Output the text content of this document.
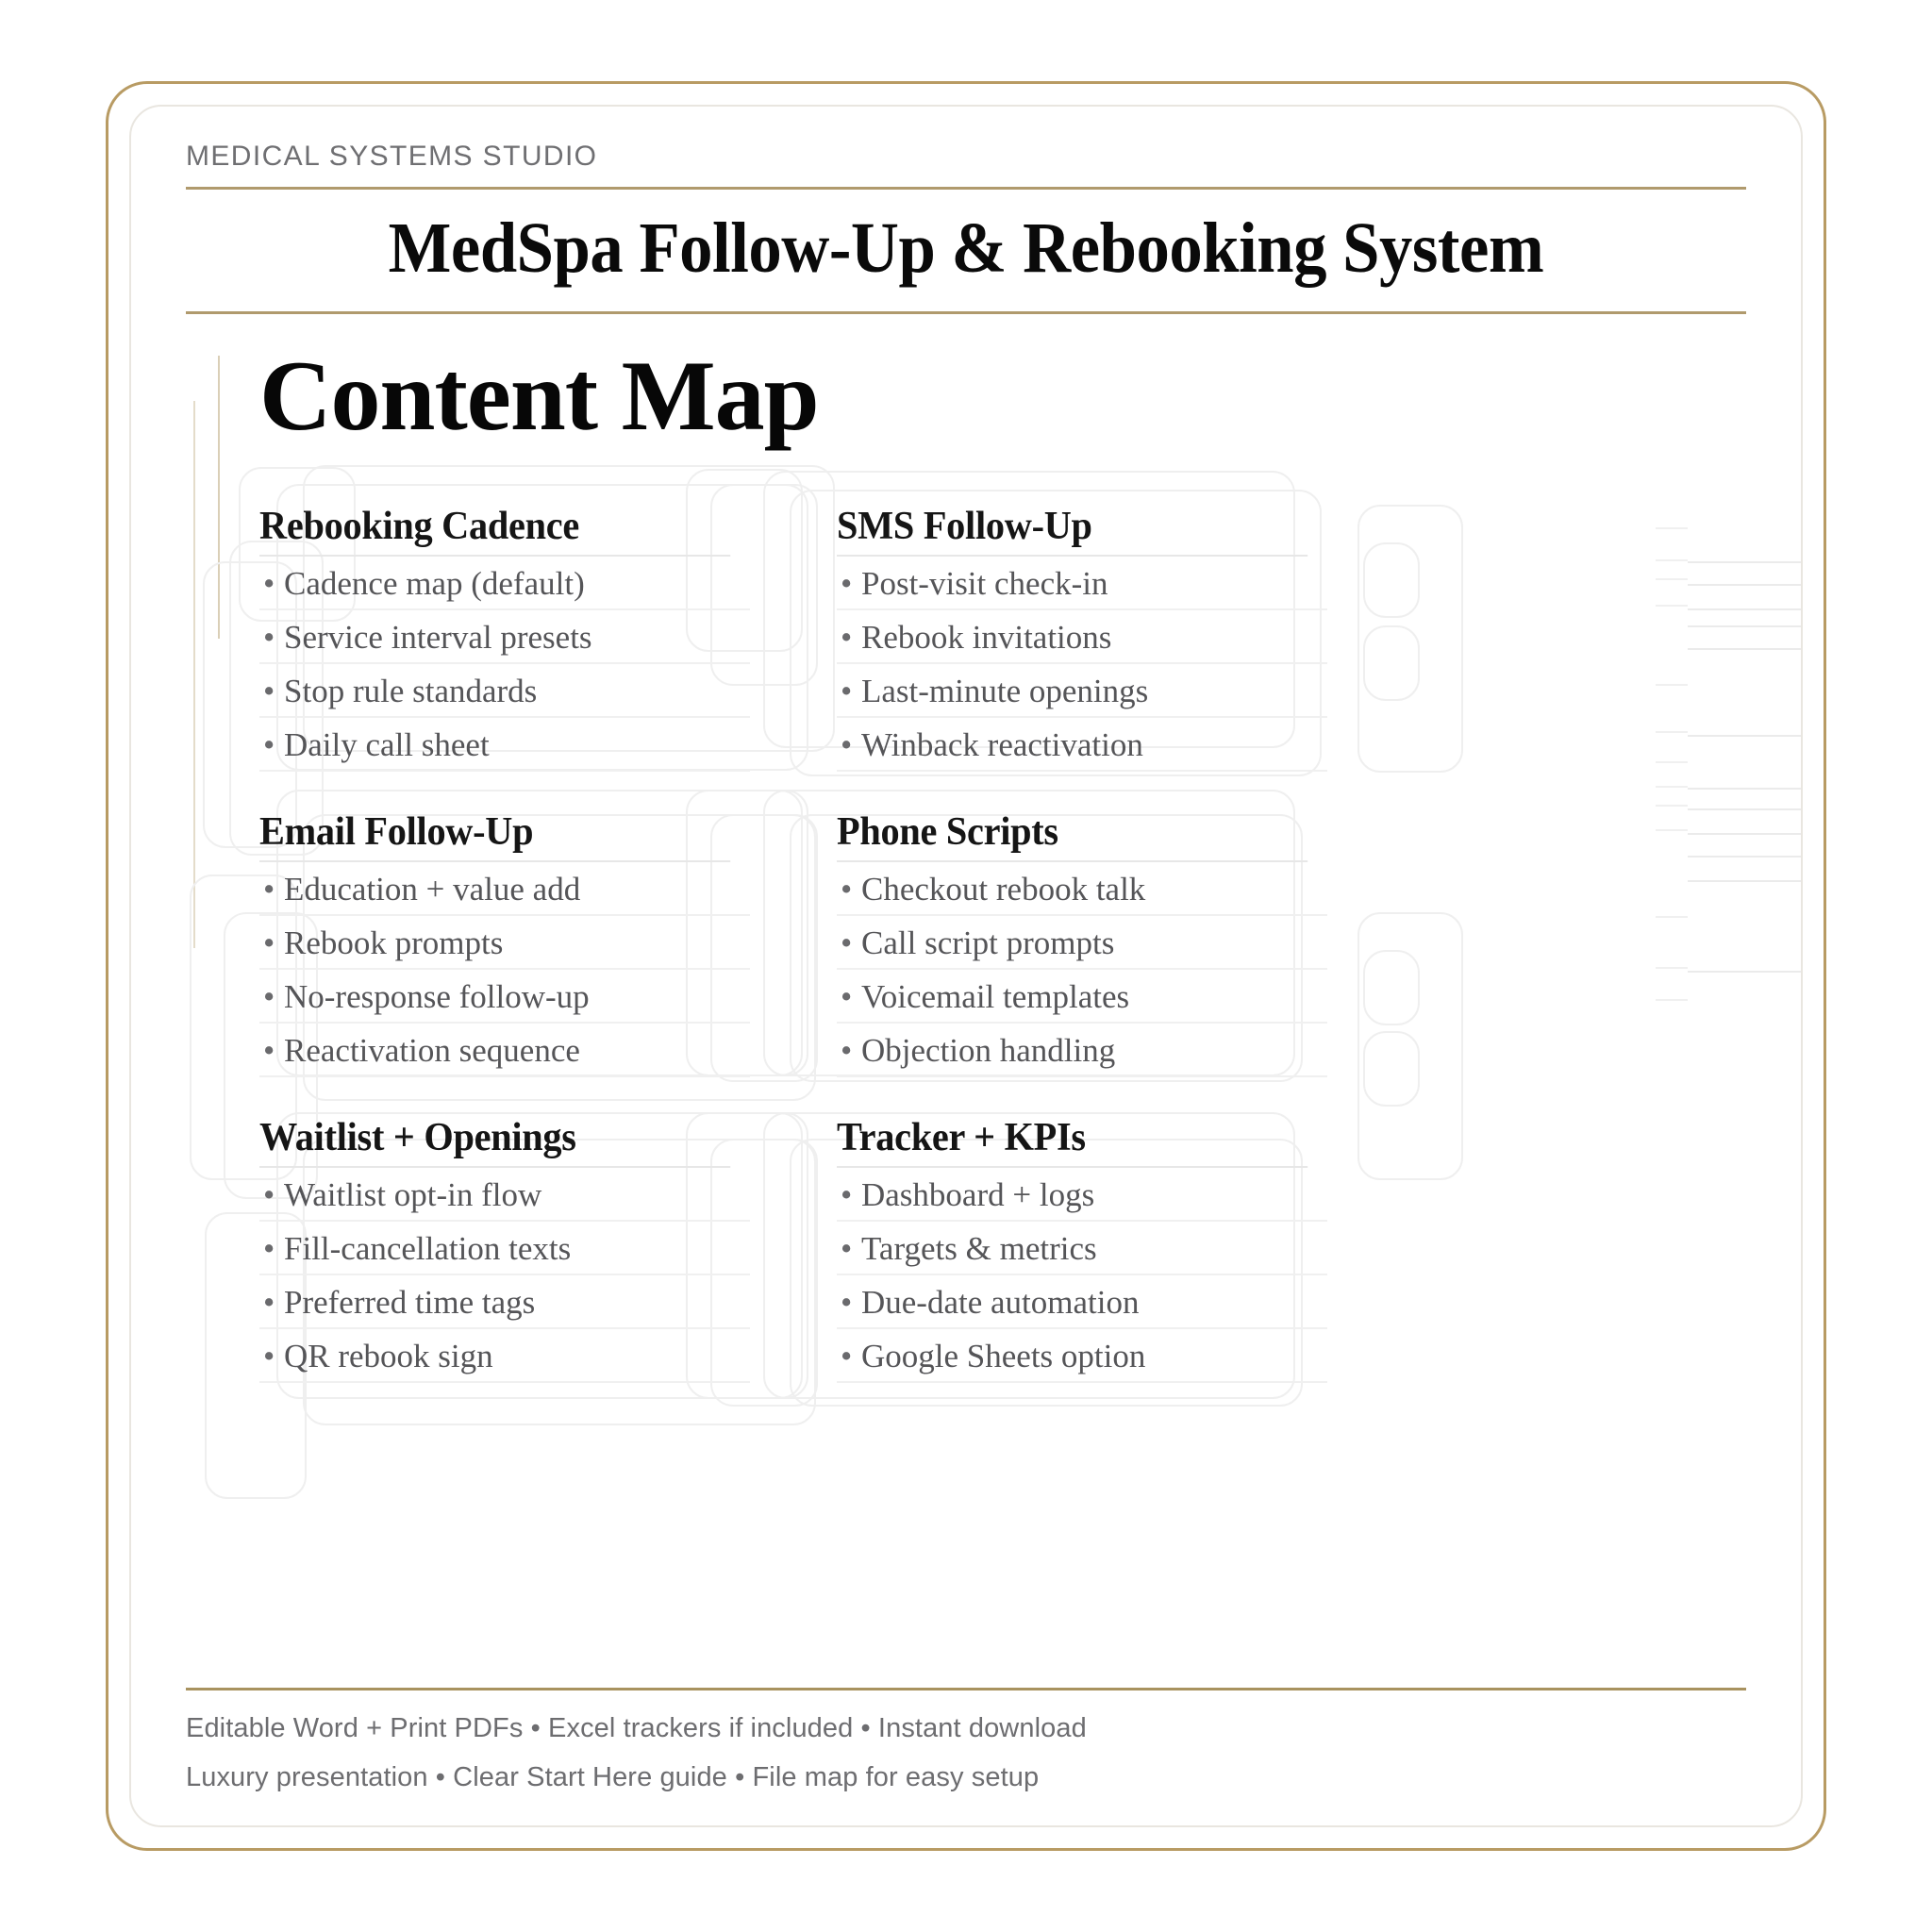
MEDICAL SYSTEMS STUDIO
MedSpa Follow-Up & Rebooking System
Content Map
Rebooking Cadence
• Cadence map (default)
• Service interval presets
• Stop rule standards
• Daily call sheet
SMS Follow-Up
• Post-visit check-in
• Rebook invitations
• Last-minute openings
• Winback reactivation
Email Follow-Up
• Education + value add
• Rebook prompts
• No-response follow-up
• Reactivation sequence
Phone Scripts
• Checkout rebook talk
• Call script prompts
• Voicemail templates
• Objection handling
Waitlist + Openings
• Waitlist opt-in flow
• Fill-cancellation texts
• Preferred time tags
• QR rebook sign
Tracker + KPIs
• Dashboard + logs
• Targets & metrics
• Due-date automation
• Google Sheets option

Editable Word + Print PDFs • Excel trackers if included • Instant download

Luxury presentation • Clear Start Here guide • File map for easy setup
